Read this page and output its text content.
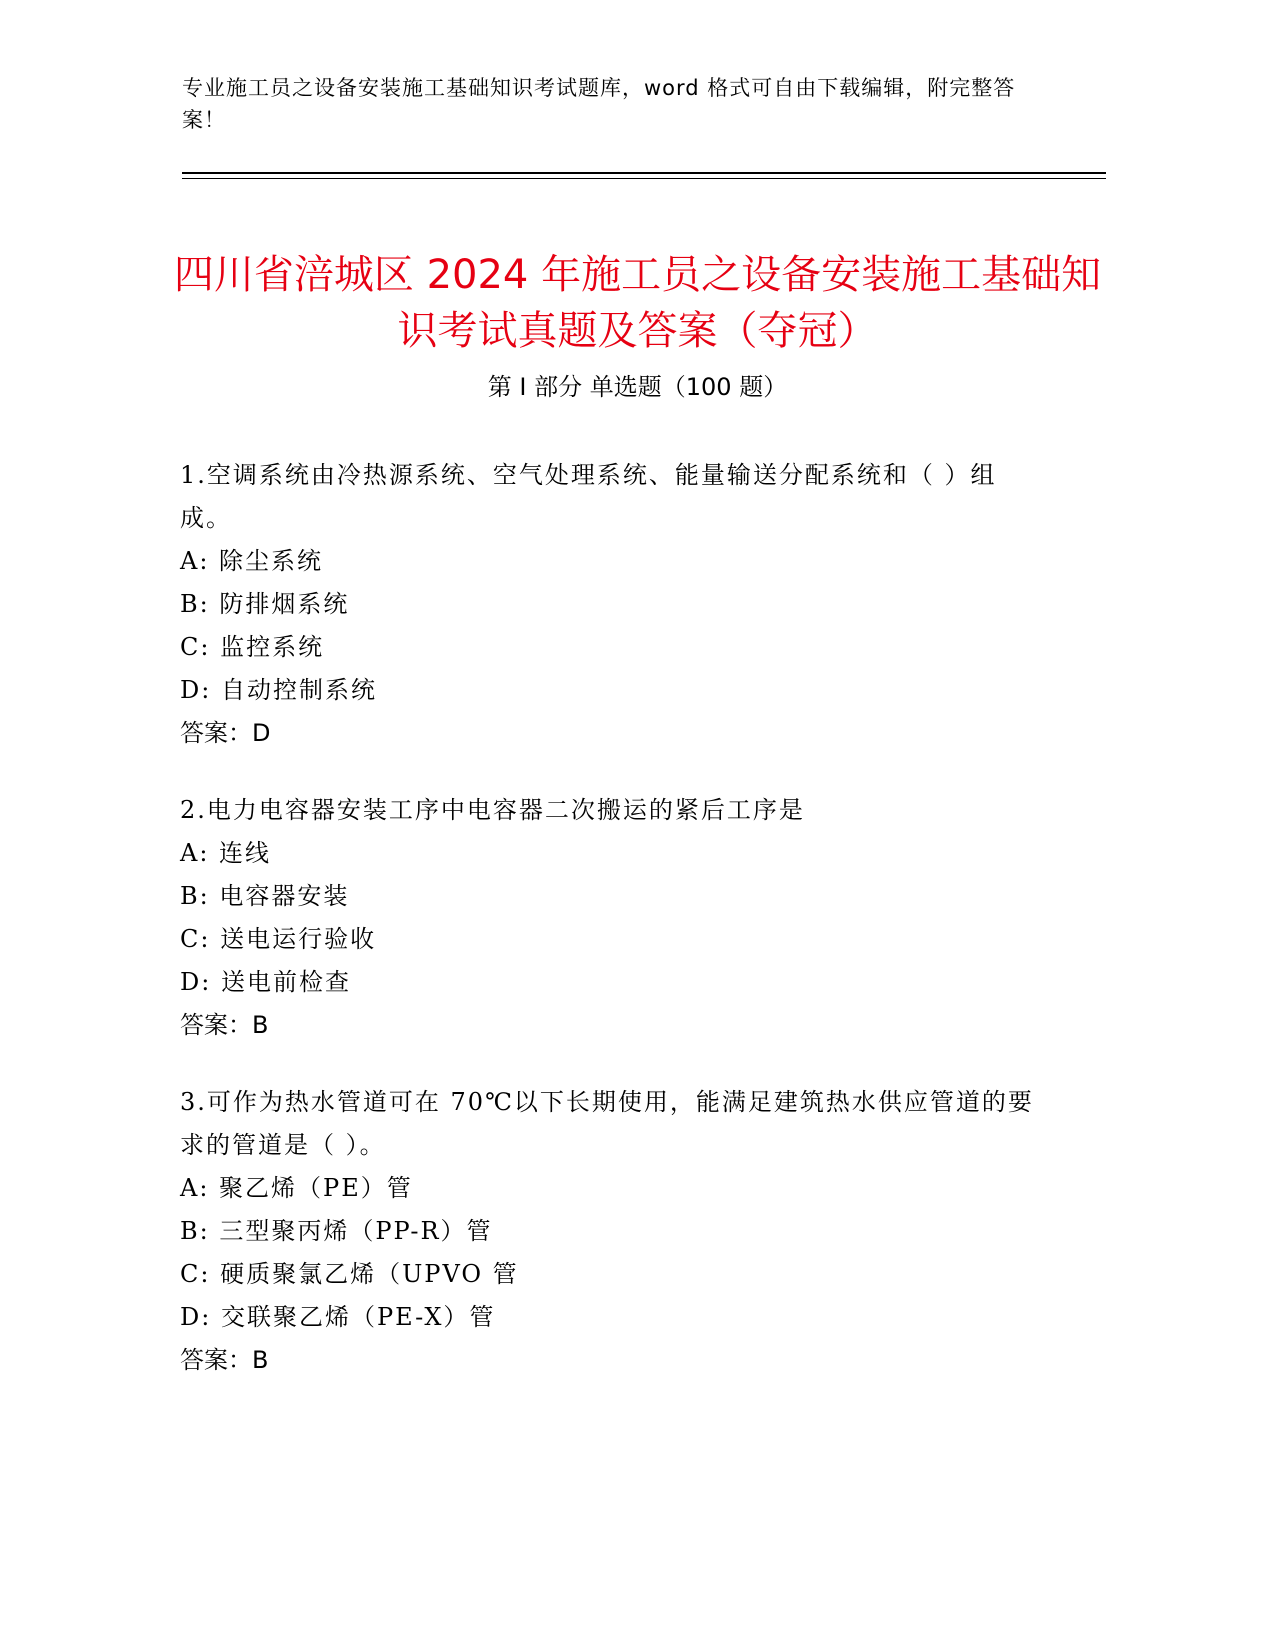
专业施工员之设备安装施工基础知识考试题库，word 格式可自由下载编辑，附完整答案！
四川省涪城区 2024 年施工员之设备安装施工基础知识考试真题及答案（夺冠）
第 I 部分 单选题（100 题）

1.空调系统由冷热源系统、空气处理系统、能量输送分配系统和（ ）组成。

A: 除尘系统

B: 防排烟系统

C: 监控系统

D: 自动控制系统

答案：D

2.电力电容器安装工序中电容器二次搬运的紧后工序是

A: 连线

B: 电容器安装

C: 送电运行验收

D: 送电前检查

答案：B

3.可作为热水管道可在 70℃以下长期使用，能满足建筑热水供应管道的要求的管道是（ ）。

A: 聚乙烯（PE）管

B: 三型聚丙烯（PP-R）管

C: 硬质聚氯乙烯（UPVO 管

D: 交联聚乙烯（PE-X）管

答案：B
